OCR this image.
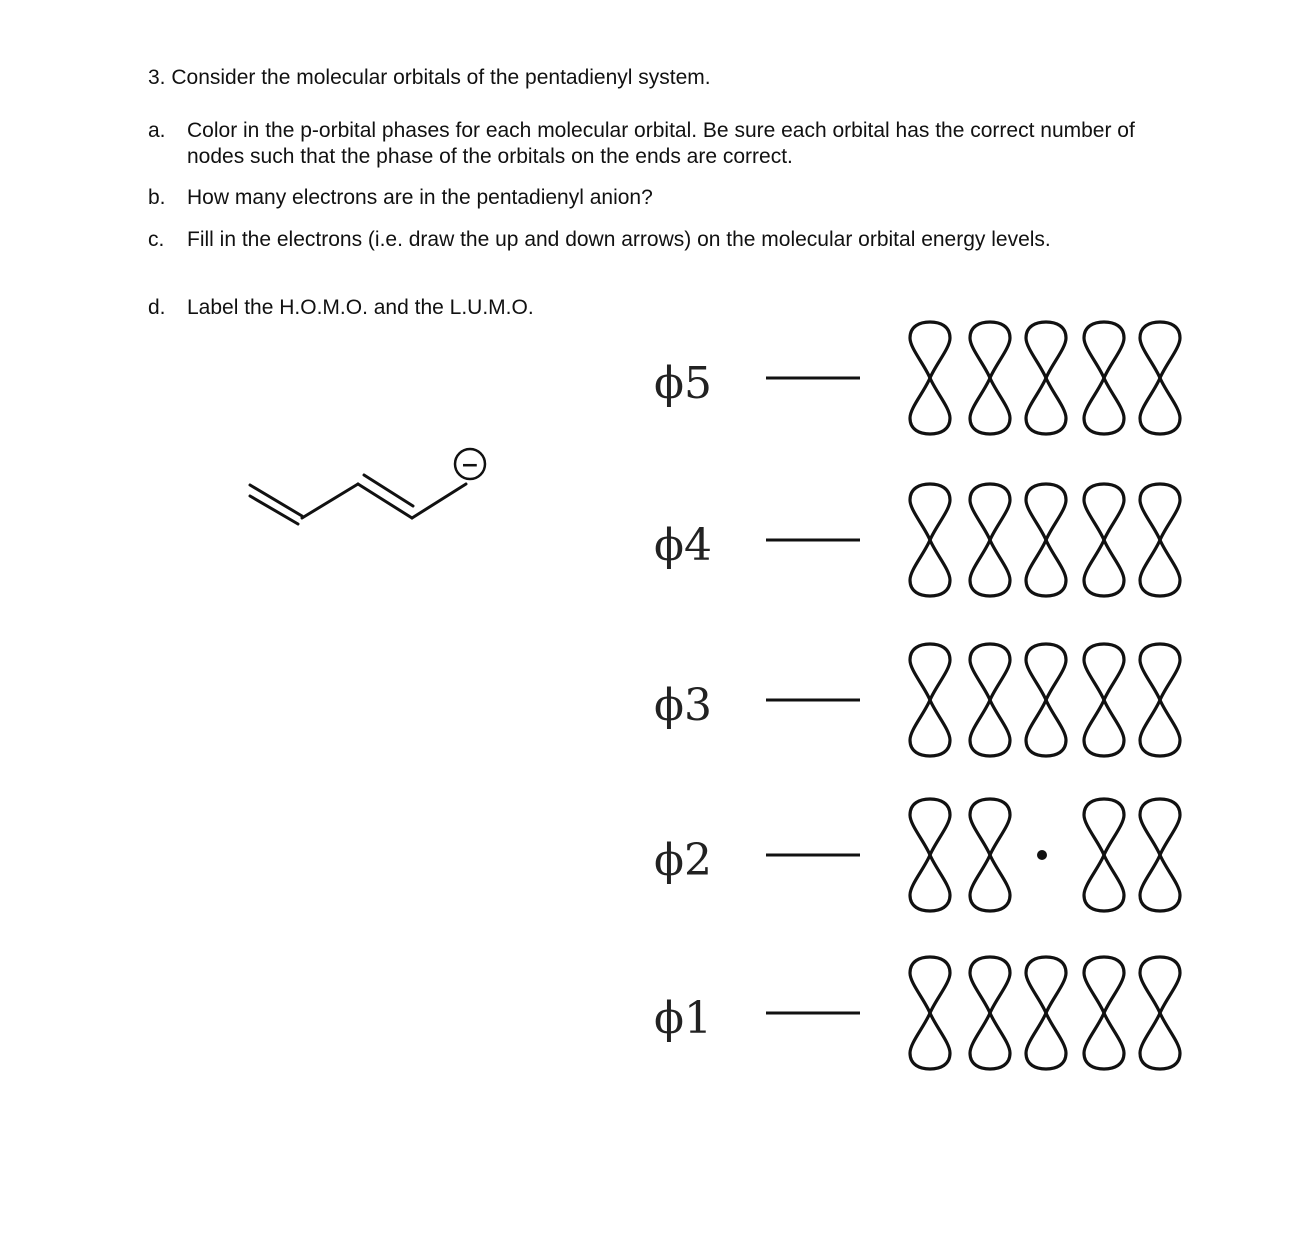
3. Consider the molecular orbitals of the pentadienyl system.
a. Color in the p-orbital phases for each molecular orbital. Be sure each orbital has the correct number of nodes such that the phase of the orbitals on the ends are correct.
b. How many electrons are in the pentadienyl anion?
c. Fill in the electrons (i.e. draw the up and down arrows) on the molecular orbital energy levels.
d. Label the H.O.M.O. and the L.U.M.O.
−
ϕ5
ϕ4
ϕ3
ϕ2
ϕ1
